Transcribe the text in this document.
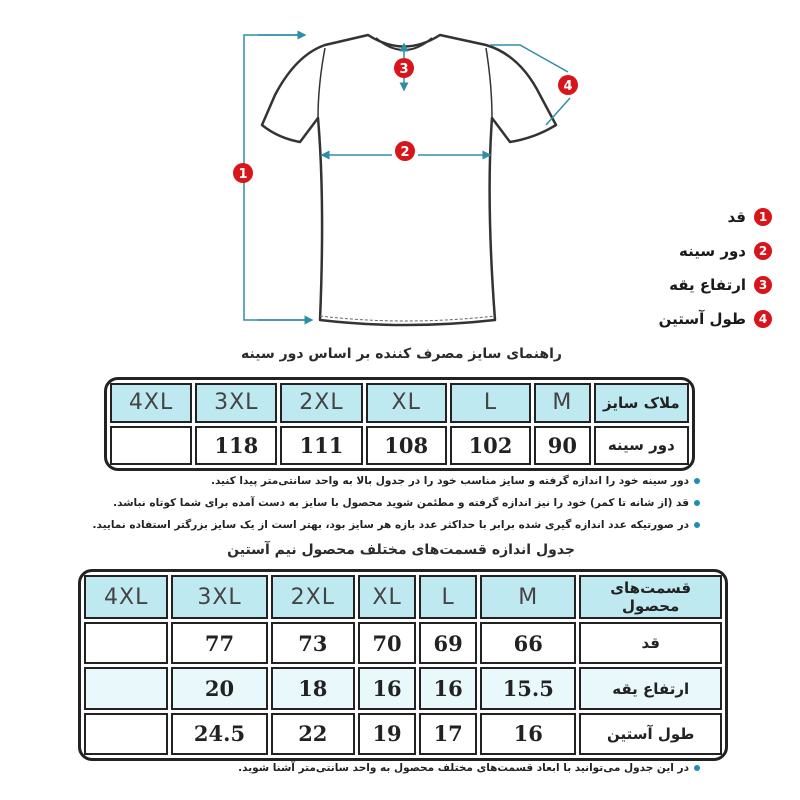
1
2
3
4
1
قد
2
دور سینه
3
ارتفاع یقه
4
طول آستین
راهنمای سایز مصرف کننده بر اساس دور سینه
ملاک سایز	M	L	XL	2XL	3XL	4XL
دور سینه	90	102	108	111	118	
دور سینه خود را اندازه گرفته و سایز مناسب خود را در جدول بالا به واحد سانتی‌متر پیدا کنید.
قد (از شانه تا کمر) خود را نیز اندازه گرفته و مطئمن شوید محصول با سایز به دست آمده برای شما کوتاه نباشد.
در صورتیکه عدد اندازه گیری شده برابر با حداکثر عدد بازه هر سایز بود، بهتر است از یک سایز بزرگتر استفاده نمایید.
جدول اندازه قسمت‌های مختلف محصول نیم آستین
قسمت‌های محصول	M	L	XL	2XL	3XL	4XL
قد	66	69	70	73	77	
ارتفاع یقه	15.5	16	16	18	20	
طول آستین	16	17	19	22	24.5	
در این جدول می‌توانید با ابعاد قسمت‌های مختلف محصول به واحد سانتی‌متر آشنا شوید.
